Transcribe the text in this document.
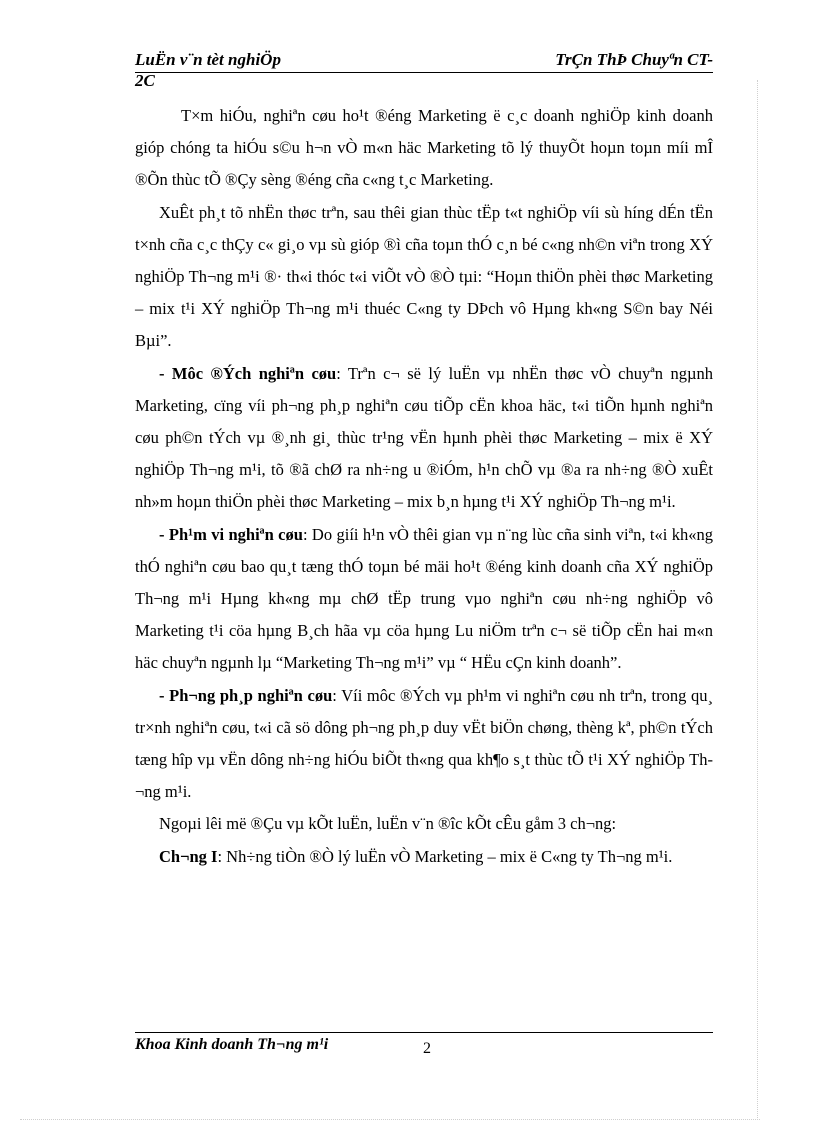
LuËn v¨n tèt nghiÖp	TrÇn ThÞ Chuyªn CT-
2C

T×m hiÓu, nghiªn cøu ho¹t ®éng Marketing ë c¸c doanh nghiÖp kinh doanh gióp chóng ta hiÓu s©u h¬n vÒ m«n häc Marketing tõ lý thuyÕt hoµn toµn míi mÎ ®Õn thùc tÕ ®Çy sèng ®éng cña c«ng t¸c Marketing.

XuÊt ph¸t tõ nhËn thøc trªn, sau thêi gian thùc tËp t«t nghiÖp víi sù híng dÉn tËn t×nh cña c¸c thÇy c« gi¸o vµ sù gióp ®ì cña toµn thÓ c¸n bé c«ng nh©n viªn trong XÝ nghiÖp Th¬ng m¹i ®· th«i thóc t«i viÕt vÒ ®Ò tµi: “Hoµn thiÖn phèi thøc Marketing – mix t¹i XÝ nghiÖp Th¬ng m¹i thuéc C«ng ty DÞch vô Hµng kh«ng S©n bay Néi Bµi”.

- Môc ®Ých nghiªn cøu: Trªn c¬ së lý luËn vµ nhËn thøc vÒ chuyªn ngµnh Marketing, cïng víi ph¬ng ph¸p nghiªn cøu tiÕp cËn khoa häc, t«i tiÕn hµnh nghiªn cøu ph©n tÝch vµ ®¸nh gi¸ thùc tr¹ng vËn hµnh phèi thøc Marketing – mix ë XÝ nghiÖp Th¬ng m¹i, tõ ®ã chØ ra nh÷ng u ®iÓm, h¹n chÕ vµ ®a ra nh÷ng ®Ò xuÊt nh»m hoµn thiÖn phèi thøc Marketing – mix b¸n hµng t¹i XÝ nghiÖp Th¬ng m¹i.

- Ph¹m vi nghiªn cøu: Do giíi h¹n vÒ thêi gian vµ n¨ng lùc cña sinh viªn, t«i kh«ng thÓ nghiªn cøu bao qu¸t tæng thÓ toµn bé mäi ho¹t ®éng kinh doanh cña XÝ nghiÖp Th¬ng m¹i Hµng kh«ng mµ chØ tËp trung vµo nghiªn cøu nh÷ng nghiÖp vô Marketing t¹i cöa hµng B¸ch hãa vµ cöa hµng Lu niÖm trªn c¬ së tiÕp cËn hai m«n häc chuyªn ngµnh lµ “Marketing Th¬ng m¹i” vµ “ HËu cÇn kinh doanh”.

- Ph¬ng ph¸p nghiªn cøu: Víi môc ®Ých vµ ph¹m vi nghiªn cøu nh trªn, trong qu¸ tr×nh nghiªn cøu, t«i cã sö dông ph¬ng ph¸p duy vËt biÖn chøng, thèng kª, ph©n tÝch tæng hîp vµ vËn dông nh÷ng hiÓu biÕt th«ng qua kh¶o s¸t thùc tÕ t¹i XÝ nghiÖp Th¬ng m¹i.

Ngoµi lêi më ®Çu vµ kÕt luËn, luËn v¨n ®îc kÕt cÊu gåm 3 ch¬ng:

Ch¬ng I: Nh÷ng tiÒn ®Ò lý luËn vÒ Marketing – mix ë C«ng ty Th¬ng m¹i.

Khoa Kinh doanh Th¬ng m¹i	2
